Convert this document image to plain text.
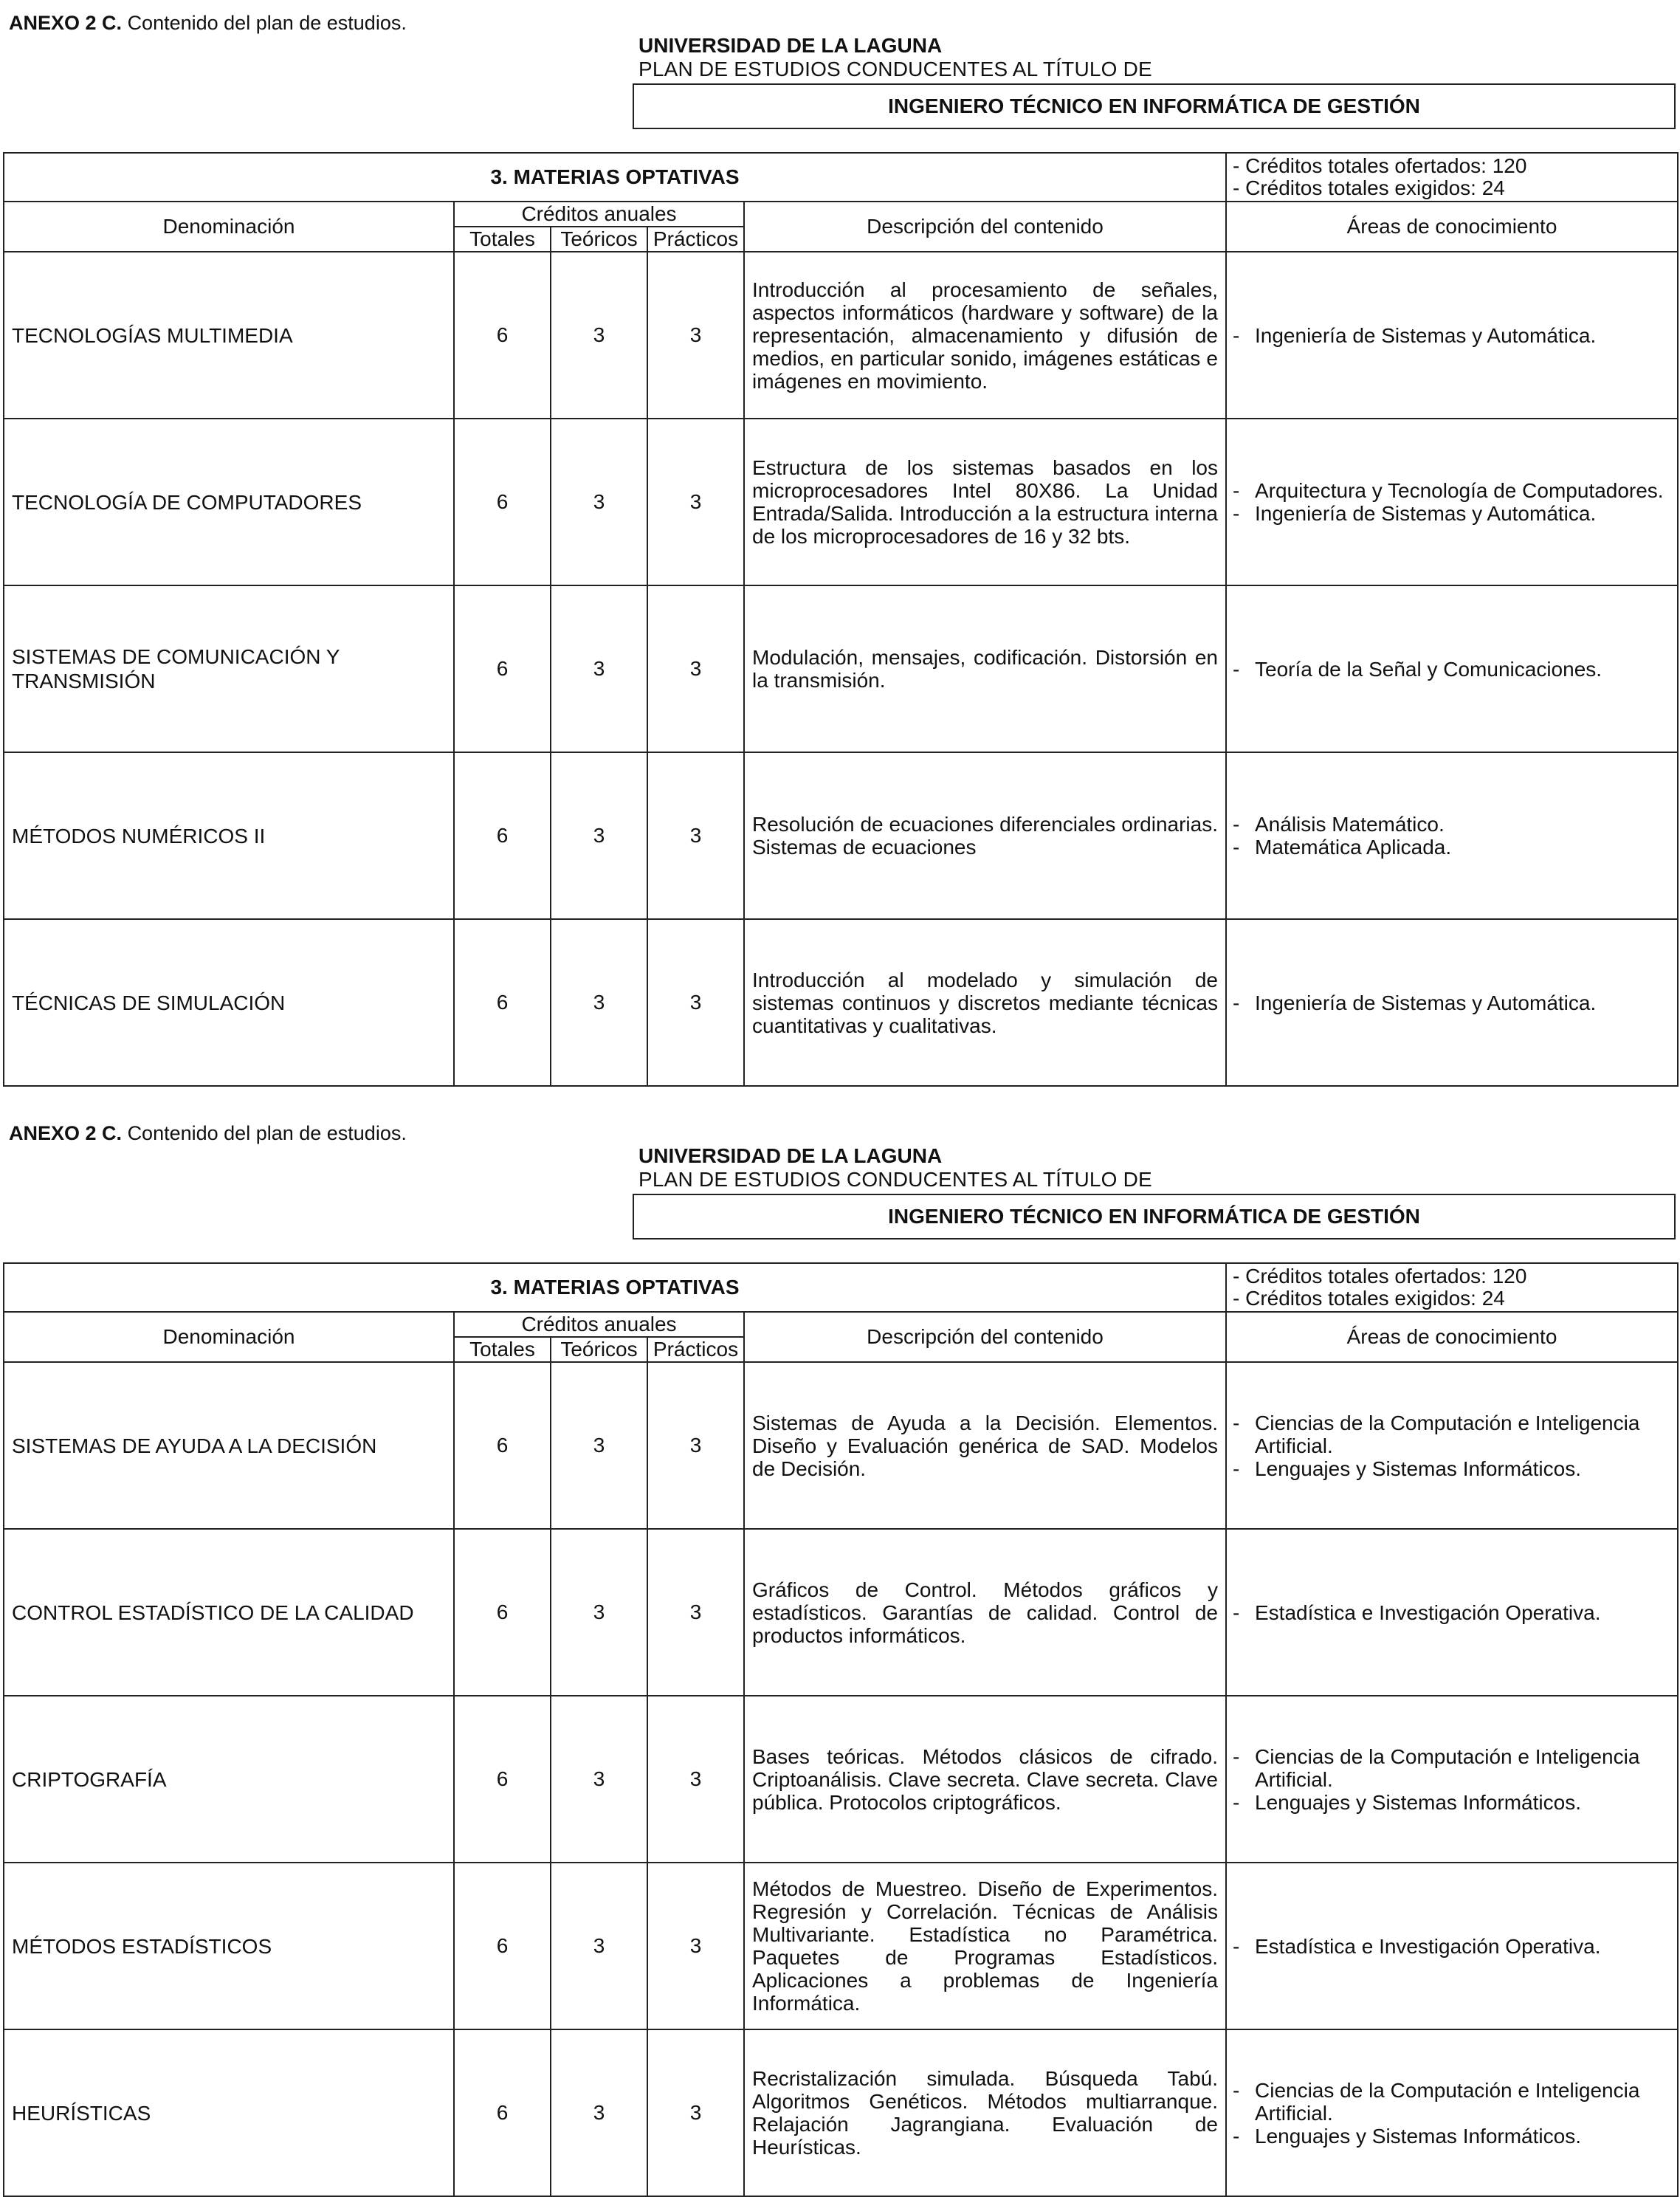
ANEXO 2 C. Contenido del plan de estudios.
UNIVERSIDAD DE LA LAGUNA
PLAN DE ESTUDIOS CONDUCENTES AL TÍTULO DE
INGENIERO TÉCNICO EN INFORMÁTICA DE GESTIÓN
3. MATERIAS OPTATIVAS					- Créditos totales ofertados: 120
- Créditos totales exigidos: 24

Denominación	Créditos anuales			Descripción del contenido	Áreas de conocimiento
	Totales	Teóricos	Prácticos		
TECNOLOGÍAS MULTIMEDIA	6	3	3	Introducción al procesamiento de señales, aspectos informáticos (hardware y software) de la representación, almacenamiento y difusión de medios, en particular sonido, imágenes estáticas e imágenes en movimiento.	- Ingeniería de Sistemas y Automática.

TECNOLOGÍA DE COMPUTADORES	6	3	3	Estructura de los sistemas basados en los microprocesadores Intel 80X86. La Unidad Entrada/Salida. Introducción a la estructura interna de los microprocesadores de 16 y 32 bts.	- Arquitectura y Tecnología de Computadores.
- Ingeniería de Sistemas y Automática.

SISTEMAS DE COMUNICACIÓN Y TRANSMISIÓN	6	3	3	Modulación, mensajes, codificación. Distorsión en la transmisión.	- Teoría de la Señal y Comunicaciones.

MÉTODOS NUMÉRICOS II	6	3	3	Resolución de ecuaciones diferenciales ordinarias. Sistemas de ecuaciones	- Análisis Matemático.
- Matemática Aplicada.

TÉCNICAS DE SIMULACIÓN	6	3	3	Introducción al modelado y simulación de sistemas continuos y discretos mediante técnicas cuantitativas y cualitativas.	- Ingeniería de Sistemas y Automática.
ANEXO 2 C. Contenido del plan de estudios.
UNIVERSIDAD DE LA LAGUNA
PLAN DE ESTUDIOS CONDUCENTES AL TÍTULO DE
INGENIERO TÉCNICO EN INFORMÁTICA DE GESTIÓN
3. MATERIAS OPTATIVAS					- Créditos totales ofertados: 120
- Créditos totales exigidos: 24

Denominación	Créditos anuales			Descripción del contenido	Áreas de conocimiento
	Totales	Teóricos	Prácticos		
SISTEMAS DE AYUDA A LA DECISIÓN	6	3	3	Sistemas de Ayuda a la Decisión. Elementos. Diseño y Evaluación genérica de SAD. Modelos de Decisión.	- Ciencias de la Computación e Inteligencia Artificial.
- Lenguajes y Sistemas Informáticos.

CONTROL ESTADÍSTICO DE LA CALIDAD	6	3	3	Gráficos de Control. Métodos gráficos y estadísticos. Garantías de calidad. Control de productos informáticos.	- Estadística e Investigación Operativa.

CRIPTOGRAFÍA	6	3	3	Bases teóricas. Métodos clásicos de cifrado. Criptoanálisis. Clave secreta. Clave secreta. Clave pública. Protocolos criptográficos.	- Ciencias de la Computación e Inteligencia Artificial.
- Lenguajes y Sistemas Informáticos.

MÉTODOS ESTADÍSTICOS	6	3	3	Métodos de Muestreo. Diseño de Experimentos. Regresión y Correlación. Técnicas de Análisis Multivariante. Estadística no Paramétrica. Paquetes de Programas Estadísticos. Aplicaciones a problemas de Ingeniería Informática.	- Estadística e Investigación Operativa.

HEURÍSTICAS	6	3	3	Recristalización simulada. Búsqueda Tabú. Algoritmos Genéticos. Métodos multiarranque. Relajación Jagrangiana. Evaluación de Heurísticas.	- Ciencias de la Computación e Inteligencia Artificial.
- Lenguajes y Sistemas Informáticos.
